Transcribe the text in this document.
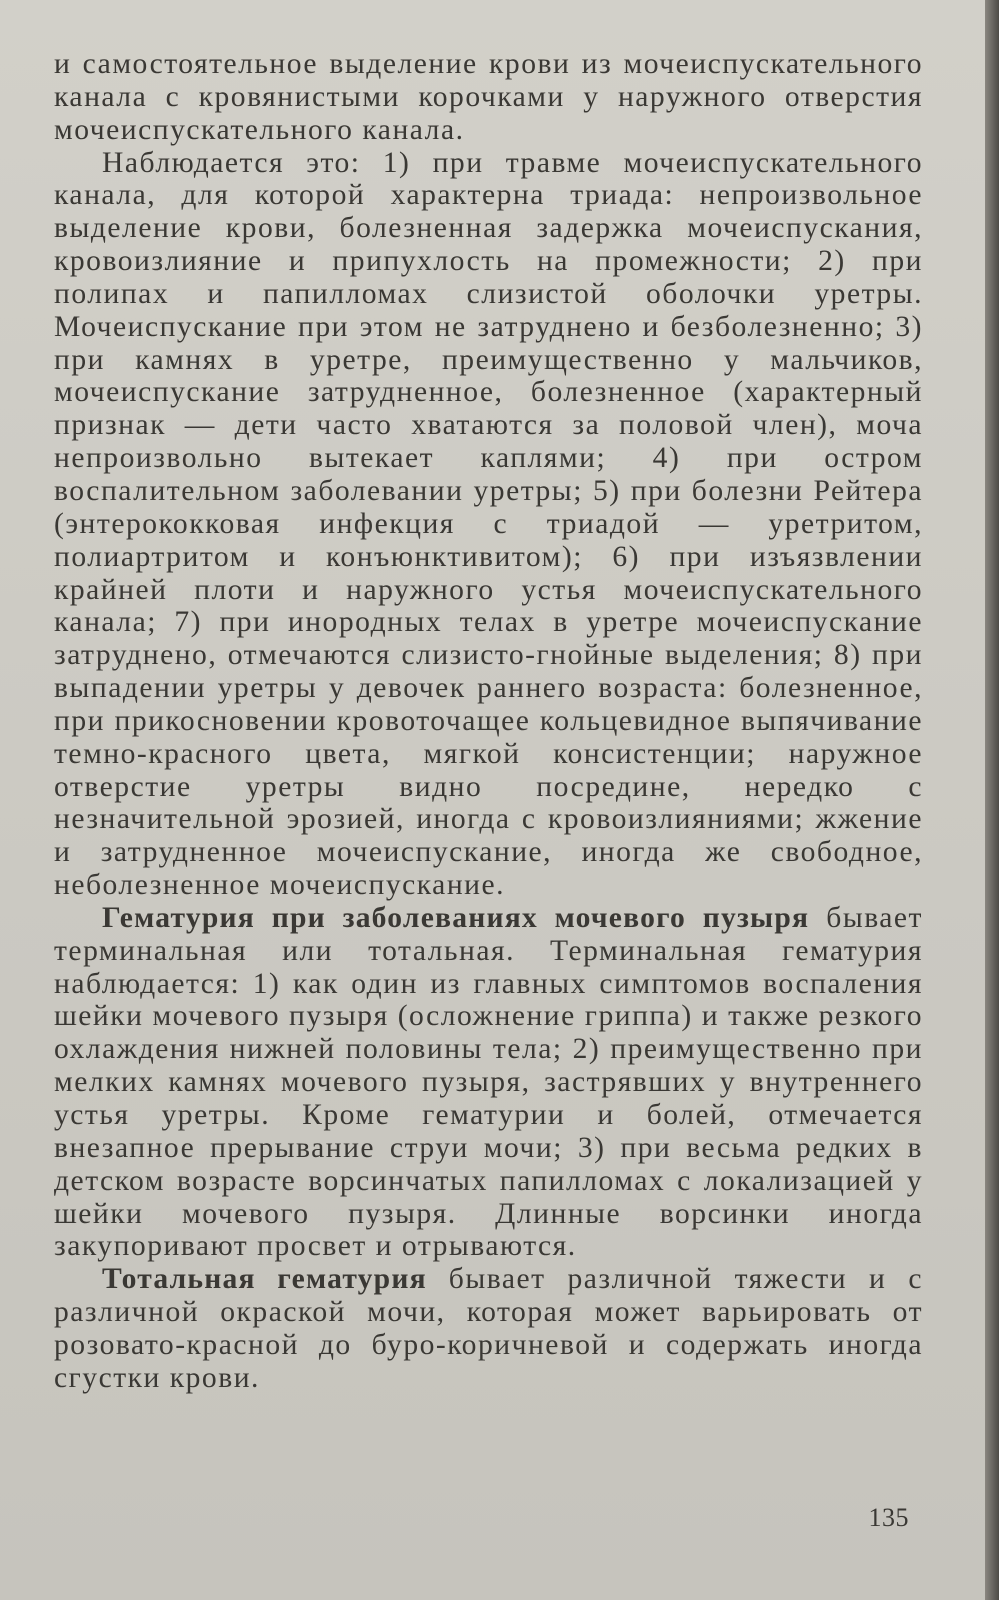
и самостоятельное выделение крови из мочеиспускательного канала с кровянистыми корочками у наружного отверстия мочеиспускательного канала.

Наблюдается это: 1) при травме мочеиспускательного канала, для которой характерна триада: непроизвольное выделение крови, болезненная задержка мочеиспускания, кровоизлияние и припухлость на промежности; 2) при полипах и папилломах слизистой оболочки уретры. Мочеиспускание при этом не затруднено и безболезненно; 3) при камнях в уретре, преимущественно у мальчиков, мочеиспускание затрудненное, болезненное (характерный признак — дети часто хватаются за половой член), моча непроизвольно вытекает каплями; 4) при остром воспалительном заболевании уретры; 5) при болезни Рейтера (энтерококковая инфекция с триадой — уретритом, полиартритом и конъюнктивитом); 6) при изъязвлении крайней плоти и наружного устья мочеиспускательного канала; 7) при инородных телах в уретре мочеиспускание затруднено, отмечаются слизисто-гнойные выделения; 8) при выпадении уретры у девочек раннего возраста: болезненное, при прикосновении кровоточащее кольцевидное выпячивание темно-красного цвета, мягкой консистенции; наружное отверстие уретры видно посредине, нередко с незначительной эрозией, иногда с кровоизлияниями; жжение и затрудненное мочеиспускание, иногда же свободное, неболезненное мочеиспускание.

Гематурия при заболеваниях мочевого пузыря бывает терминальная или тотальная. Терминальная гематурия наблюдается: 1) как один из главных симптомов воспаления шейки мочевого пузыря (осложнение гриппа) и также резкого охлаждения нижней половины тела; 2) преимущественно при мелких камнях мочевого пузыря, застрявших у внутреннего устья уретры. Кроме гематурии и болей, отмечается внезапное прерывание струи мочи; 3) при весьма редких в детском возрасте ворсинчатых папилломах с локализацией у шейки мочевого пузыря. Длинные ворсинки иногда закупоривают просвет и отрываются.

Тотальная гематурия бывает различной тяжести и с различной окраской мочи, которая может варьировать от розовато-красной до буро-коричневой и содержать иногда сгустки крови.

135
